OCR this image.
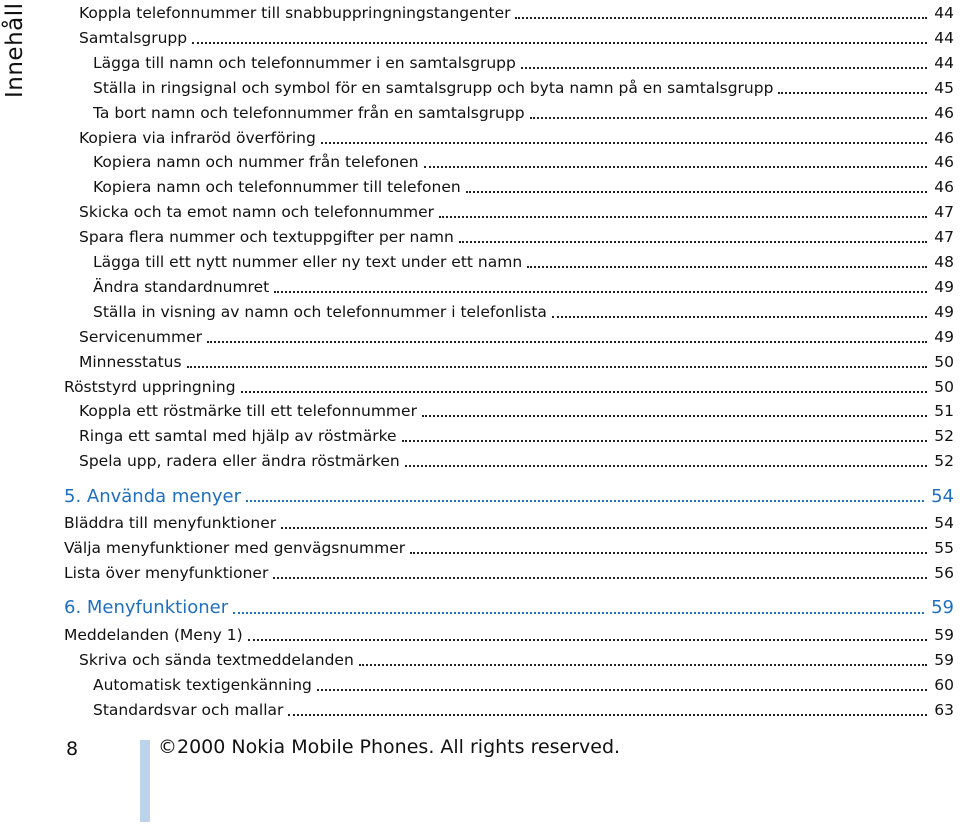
Innehåll	Koppla telefonnummer till snabbuppringningstangenter	44
Samtalsgrupp	44
Lägga till namn och telefonnummer i en samtalsgrupp	44
Ställa in ringsignal och symbol för en samtalsgrupp och byta namn på en samtalsgrupp	45
Ta bort namn och telefonnummer från en samtalsgrupp	46
Kopiera via infraröd överföring	46
Kopiera namn och nummer från telefonen	46
Kopiera namn och telefonnummer till telefonen	46
Skicka och ta emot namn och telefonnummer	47
Spara flera nummer och textuppgifter per namn	47
Lägga till ett nytt nummer eller ny text under ett namn	48
Ändra standardnumret	49
Ställa in visning av namn och telefonnummer i telefonlista	49
Servicenummer	49
Minnesstatus	50
Röststyrd uppringning	50
Koppla ett röstmärke till ett telefonnummer	51
Ringa ett samtal med hjälp av röstmärke	52
Spela upp, radera eller ändra röstmärken	52
5. Använda menyer	54
Bläddra till menyfunktioner	54
Välja menyfunktioner med genvägsnummer	55
Lista över menyfunktioner	56
6. Menyfunktioner	59
Meddelanden (Meny 1)	59
Skriva och sända textmeddelanden	59
Automatisk textigenkänning	60
Standardsvar och mallar	63
8	©2000 Nokia Mobile Phones. All rights reserved.
